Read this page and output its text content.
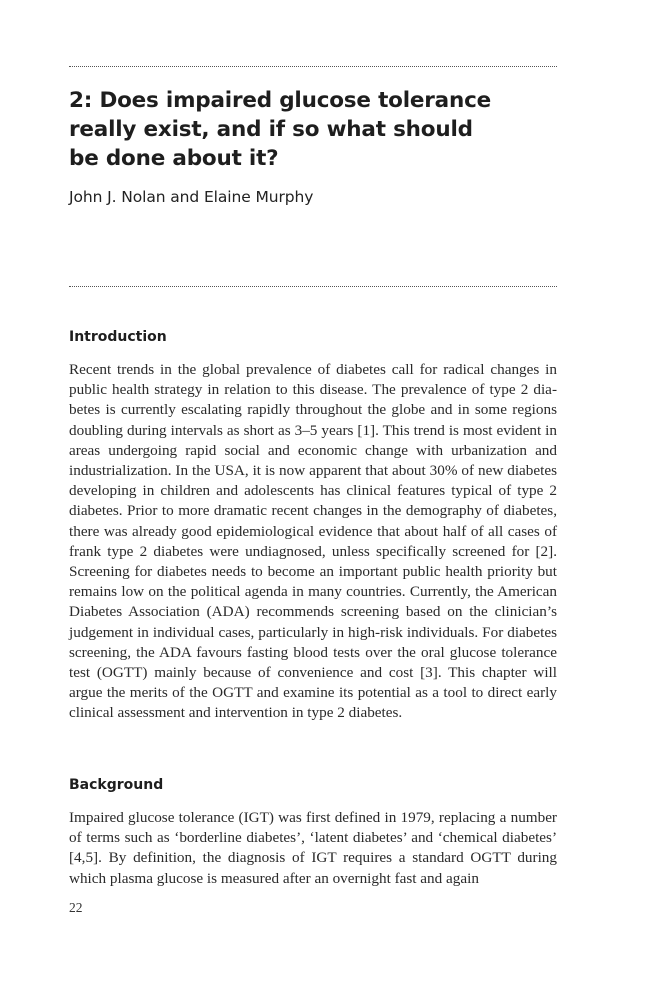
2: Does impaired glucose tolerance
really exist, and if so what should
be done about it?

John J. Nolan and Elaine Murphy

Introduction

Recent trends in the global prevalence of diabetes call for radical changes in public health strategy in relation to this disease. The prevalence of type 2 diabetes is currently escalating rapidly throughout the globe and in some regions doubling during intervals as short as 3–5 years [1]. This trend is most evident in areas undergoing rapid social and economic change with urbanization and industrialization. In the USA, it is now apparent that about 30% of new diabetes developing in children and adolescents has clinical features typical of type 2 diabetes. Prior to more dramatic recent changes in the demography of diabetes, there was already good epidemiological evidence that about half of all cases of frank type 2 diabetes were undiagnosed, unless specifically screened for [2]. Screening for diabetes needs to become an important public health priority but remains low on the political agenda in many countries. Currently, the American Diabetes Association (ADA) recommends screening based on the clinician’s judgement in individual cases, particularly in high-risk individuals. For diabetes screening, the ADA favours fasting blood tests over the oral glucose tolerance test (OGTT) mainly because of convenience and cost [3]. This chapter will argue the merits of the OGTT and examine its potential as a tool to direct early clinical assessment and intervention in type 2 diabetes.

Background

Impaired glucose tolerance (IGT) was first defined in 1979, replacing a number of terms such as ‘borderline diabetes’, ‘latent diabetes’ and ‘chemical diabetes’ [4,5]. By definition, the diagnosis of IGT requires a standard OGTT during which plasma glucose is measured after an overnight fast and again

22
